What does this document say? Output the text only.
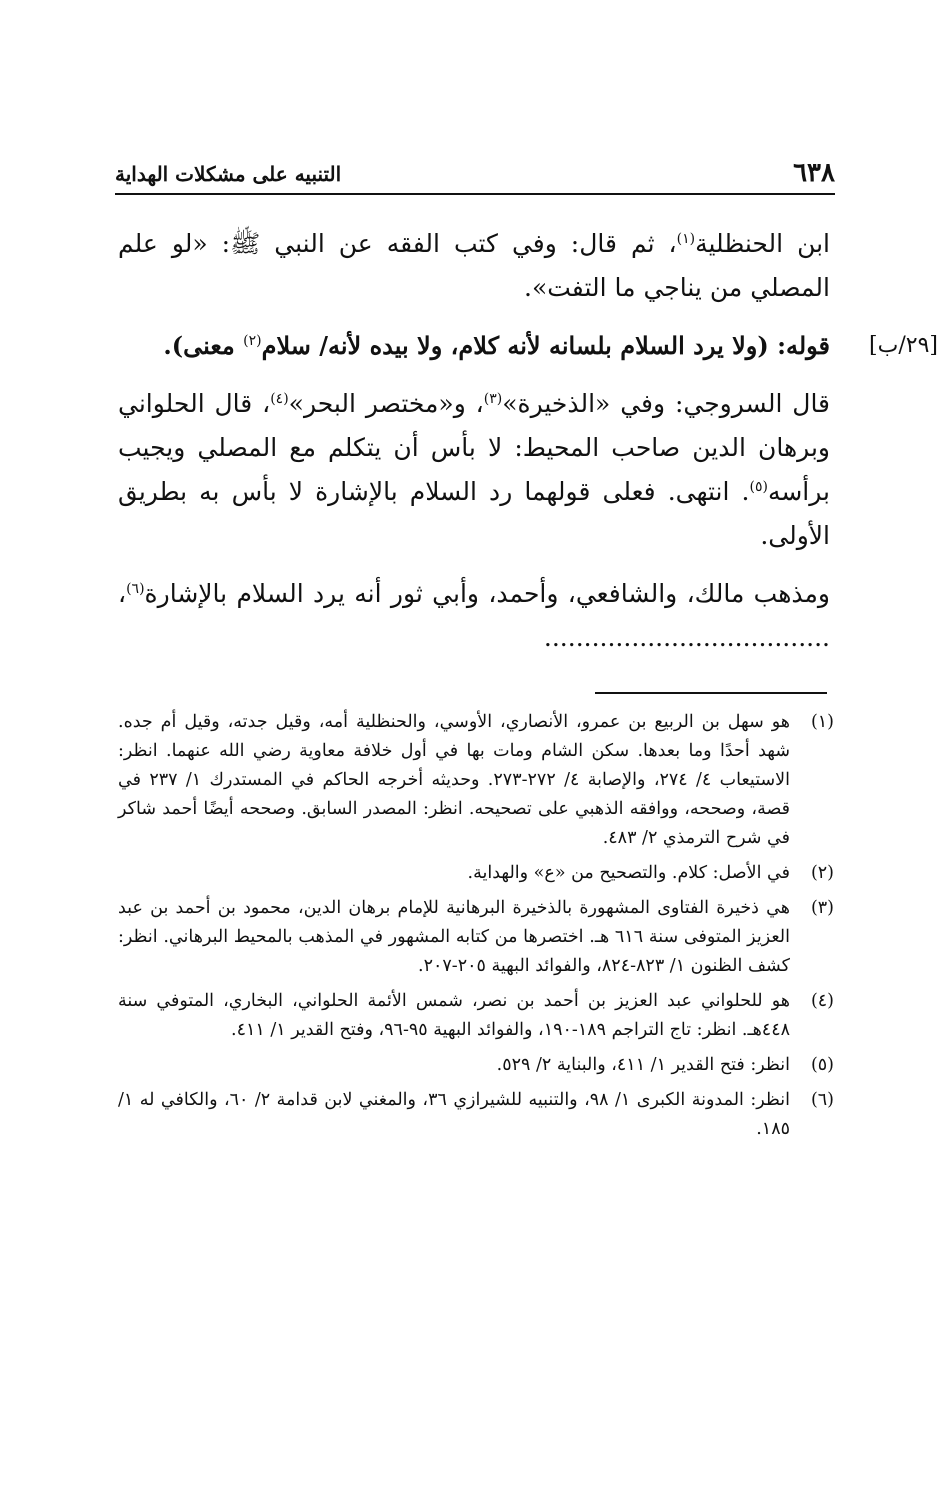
٦٣٨
التنبيه على مشكلات الهداية

ابن الحنظلية$^{(١)}$، ثم قال: وفي كتب الفقه عن النبي ﷺ: «لو علم المصلي من يناجي ما التفت».

[٢٩/ب]
قوله: (ولا يرد السلام بلسانه لأنه كلام، ولا بيده لأنه/ سلام$^{(٢)}$ معنى).

قال السروجي: وفي «الذخيرة»$^{(٣)}$، و«مختصر البحر»$^{(٤)}$، قال الحلواني وبرهان الدين صاحب المحيط: لا بأس أن يتكلم مع المصلي ويجيب برأسه$^{(٥)}$. انتهى. فعلى قولهما رد السلام بالإشارة لا بأس به بطريق الأولى.

ومذهب مالك، والشافعي، وأحمد، وأبي ثور أنه يرد السلام بالإشارة$^{(٦)}$، ....................................

(١)
هو سهل بن الربيع بن عمرو، الأنصاري، الأوسي، والحنظلية أمه، وقيل جدته، وقيل أم جده. شهد أحدًا وما بعدها. سكن الشام ومات بها في أول خلافة معاوية رضي الله عنهما. انظر: الاستيعاب ٤/ ٢٧٤، والإصابة ٤/ ٢٧٢-٢٧٣. وحديثه أخرجه الحاكم في المستدرك ١/ ٢٣٧ في قصة، وصححه، ووافقه الذهبي على تصحيحه. انظر: المصدر السابق. وصححه أيضًا أحمد شاكر في شرح الترمذي ٢/ ٤٨٣.
(٢)
في الأصل: كلام. والتصحيح من «ع» والهداية.
(٣)
هي ذخيرة الفتاوى المشهورة بالذخيرة البرهانية للإمام برهان الدين، محمود بن أحمد بن عبد العزيز المتوفى سنة ٦١٦ هـ. اختصرها من كتابه المشهور في المذهب بالمحيط البرهاني. انظر: كشف الظنون ١/ ٨٢٣-٨٢٤، والفوائد البهية ٢٠٥-٢٠٧.
(٤)
هو للحلواني عبد العزيز بن أحمد بن نصر، شمس الأئمة الحلواني، البخاري، المتوفي سنة ٤٤٨هـ. انظر: تاج التراجم ١٨٩-١٩٠، والفوائد البهية ٩٥-٩٦، وفتح القدير ١/ ٤١١.
(٥)
انظر: فتح القدير ١/ ٤١١، والبناية ٢/ ٥٢٩.
(٦)
انظر: المدونة الكبرى ١/ ٩٨، والتنبيه للشيرازي ٣٦، والمغني لابن قدامة ٢/ ٦٠، والكافي له ١/ ١٨٥.
